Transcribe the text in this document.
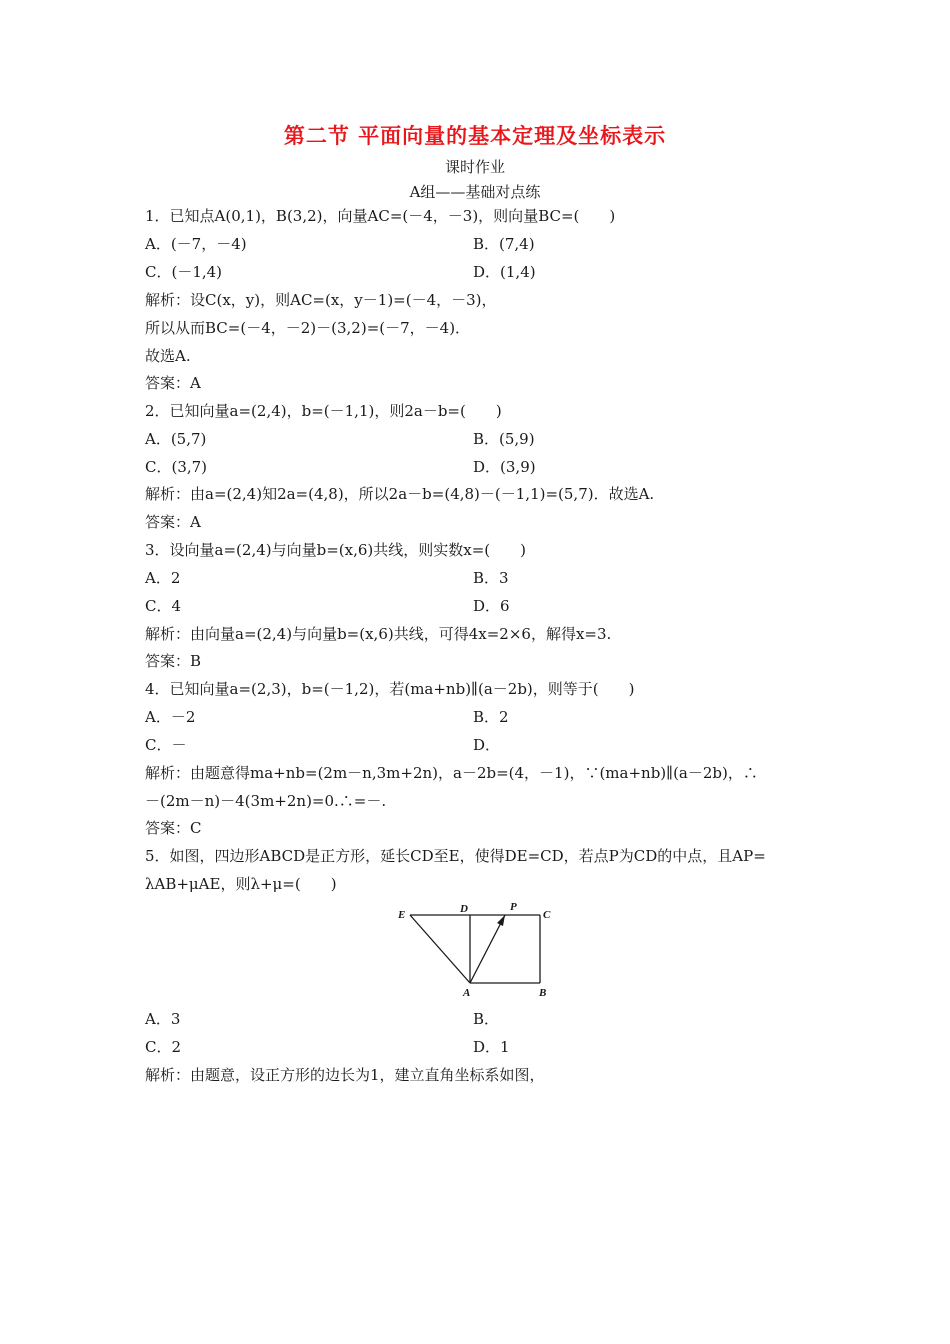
第二节 平面向量的基本定理及坐标表示
课时作业
A组——基础对点练
1．已知点A(0,1)，B(3,2)，向量AC=(－4，－3)，则向量BC=(　　)
A．(－7，－4)	B．(7,4)
C．(－1,4)	D．(1,4)
解析：设C(x，y)，则AC=(x，y－1)=(－4，－3)，
所以从而BC=(－4，－2)－(3,2)=(－7，－4)．
故选A.
答案：A
2．已知向量a=(2,4)，b=(－1,1)，则2a－b=(　　)
A．(5,7)	B．(5,9)
C．(3,7)	D．(3,9)
解析：由a=(2,4)知2a=(4,8)，所以2a－b=(4,8)－(－1,1)=(5,7)．故选A.
答案：A
3．设向量a=(2,4)与向量b=(x,6)共线，则实数x=(　　)
A．2	B．3
C．4	D．6
解析：由向量a=(2,4)与向量b=(x,6)共线，可得4x=2×6，解得x=3.
答案：B
4．已知向量a=(2,3)，b=(－1,2)，若(ma+nb)∥(a－2b)，则等于(　　)
A．－2	B．2
C．－	D．
解析：由题意得ma+nb=(2m－n,3m+2n)，a－2b=(4，－1)，∵(ma+nb)∥(a－2b)，∴
－(2m－n)－4(3m+2n)=0.∴=－.
答案：C
5．如图，四边形ABCD是正方形，延长CD至E，使得DE=CD，若点P为CD的中点，且AP=
λAB+μAE，则λ+μ=(　　)
E	D	P
C
A	B
A．3	B．
C．2	D．1
解析：由题意，设正方形的边长为1，建立直角坐标系如图，
